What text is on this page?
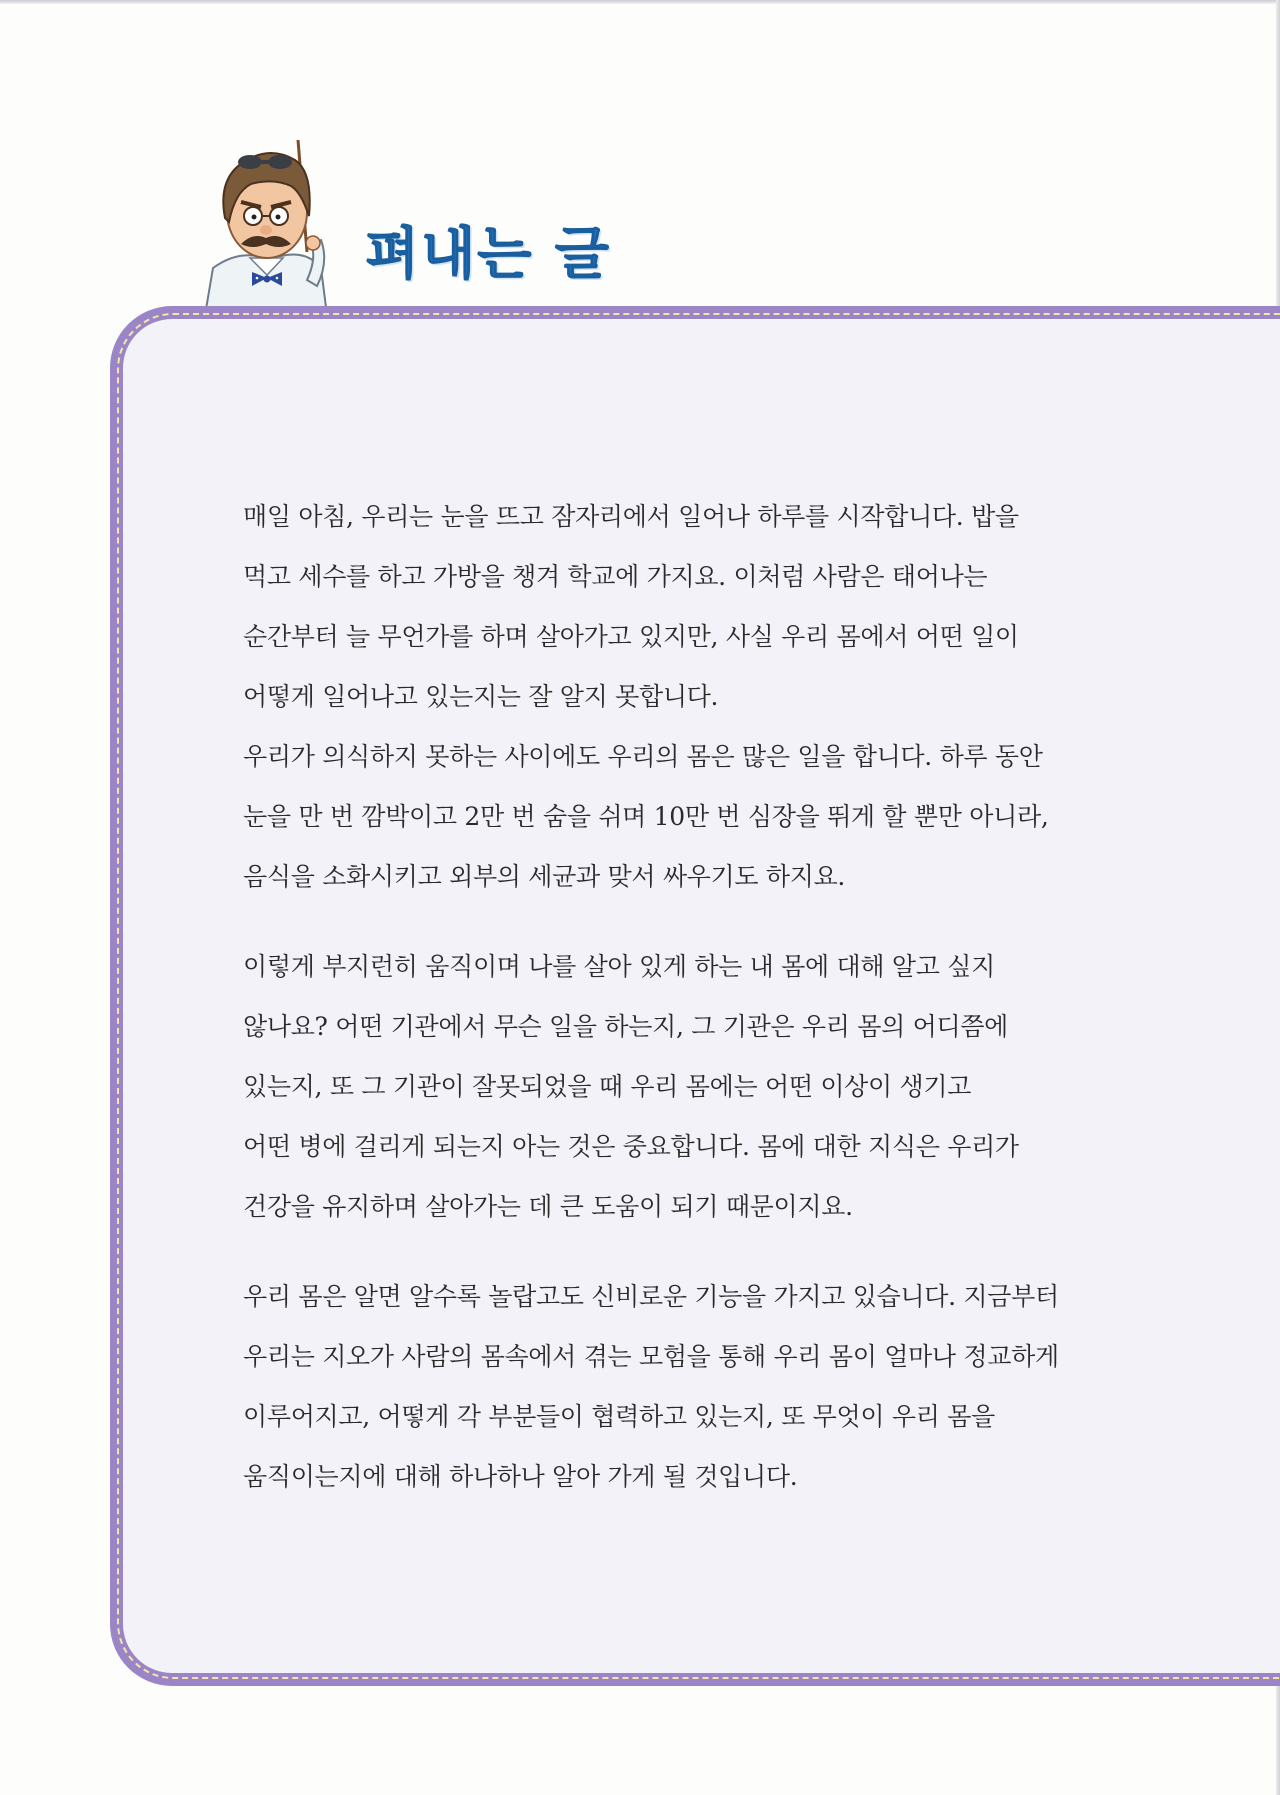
펴내는 글
매일 아침, 우리는 눈을 뜨고 잠자리에서 일어나 하루를 시작합니다. 밥을
먹고 세수를 하고 가방을 챙겨 학교에 가지요. 이처럼 사람은 태어나는
순간부터 늘 무언가를 하며 살아가고 있지만, 사실 우리 몸에서 어떤 일이
어떻게 일어나고 있는지는 잘 알지 못합니다.
우리가 의식하지 못하는 사이에도 우리의 몸은 많은 일을 합니다. 하루 동안
눈을 만 번 깜박이고 2만 번 숨을 쉬며 10만 번 심장을 뛰게 할 뿐만 아니라,
음식을 소화시키고 외부의 세균과 맞서 싸우기도 하지요.
이렇게 부지런히 움직이며 나를 살아 있게 하는 내 몸에 대해 알고 싶지
않나요? 어떤 기관에서 무슨 일을 하는지, 그 기관은 우리 몸의 어디쯤에
있는지, 또 그 기관이 잘못되었을 때 우리 몸에는 어떤 이상이 생기고
어떤 병에 걸리게 되는지 아는 것은 중요합니다. 몸에 대한 지식은 우리가
건강을 유지하며 살아가는 데 큰 도움이 되기 때문이지요.
우리 몸은 알면 알수록 놀랍고도 신비로운 기능을 가지고 있습니다. 지금부터
우리는 지오가 사람의 몸속에서 겪는 모험을 통해 우리 몸이 얼마나 정교하게
이루어지고, 어떻게 각 부분들이 협력하고 있는지, 또 무엇이 우리 몸을
움직이는지에 대해 하나하나 알아 가게 될 것입니다.
